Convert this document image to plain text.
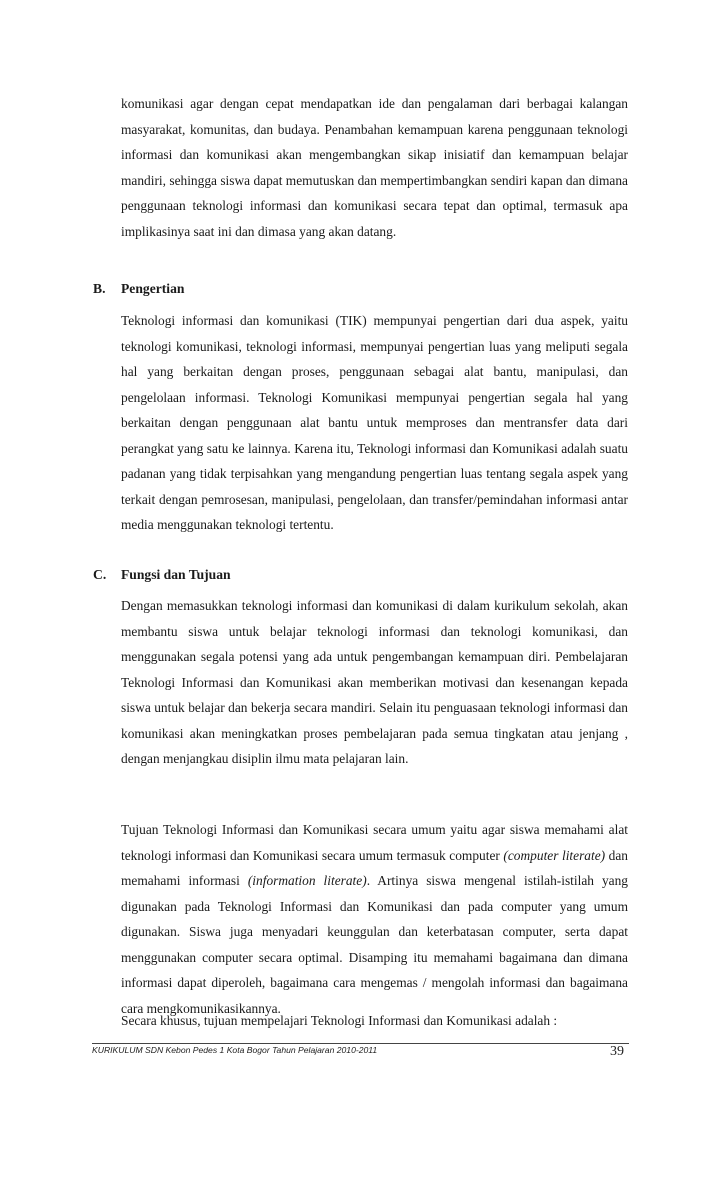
komunikasi agar dengan cepat mendapatkan ide dan pengalaman dari berbagai kalangan masyarakat, komunitas, dan budaya. Penambahan kemampuan karena penggunaan teknologi informasi dan komunikasi akan mengembangkan sikap inisiatif dan kemampuan belajar mandiri, sehingga siswa dapat memutuskan dan mempertimbangkan sendiri kapan dan dimana penggunaan teknologi informasi dan komunikasi secara tepat dan optimal, termasuk apa implikasinya saat ini dan dimasa yang akan datang.

B. Pengertian

Teknologi informasi dan komunikasi (TIK) mempunyai pengertian dari dua aspek, yaitu teknologi komunikasi, teknologi informasi, mempunyai pengertian luas yang meliputi segala hal yang berkaitan dengan proses, penggunaan sebagai alat bantu, manipulasi, dan pengelolaan informasi. Teknologi Komunikasi mempunyai pengertian segala hal yang berkaitan dengan penggunaan alat bantu untuk memproses dan mentransfer data dari perangkat yang satu ke lainnya. Karena itu, Teknologi informasi dan Komunikasi adalah suatu padanan yang tidak terpisahkan yang mengandung pengertian luas tentang segala aspek yang terkait dengan pemrosesan, manipulasi, pengelolaan, dan transfer/pemindahan informasi antar media menggunakan teknologi tertentu.

C. Fungsi dan Tujuan

Dengan memasukkan teknologi informasi dan komunikasi di dalam kurikulum sekolah, akan membantu siswa untuk belajar teknologi informasi dan teknologi komunikasi, dan menggunakan segala potensi yang ada untuk pengembangan kemampuan diri. Pembelajaran Teknologi Informasi dan Komunikasi akan memberikan motivasi dan kesenangan kepada siswa untuk belajar dan bekerja secara mandiri. Selain itu penguasaan teknologi informasi dan komunikasi akan meningkatkan proses pembelajaran pada semua tingkatan atau jenjang , dengan menjangkau disiplin ilmu mata pelajaran lain.

Tujuan Teknologi Informasi dan Komunikasi secara umum yaitu agar siswa memahami alat teknologi informasi dan Komunikasi secara umum termasuk computer (computer literate) dan memahami informasi (information literate). Artinya siswa mengenal istilah-istilah yang digunakan pada Teknologi Informasi dan Komunikasi dan pada computer yang umum digunakan. Siswa juga menyadari keunggulan dan keterbatasan computer, serta dapat menggunakan computer secara optimal. Disamping itu memahami bagaimana dan dimana informasi dapat diperoleh, bagaimana cara mengemas / mengolah informasi dan bagaimana cara mengkomunikasikannya.

Secara khusus, tujuan mempelajari Teknologi Informasi dan Komunikasi adalah :

KURIKULUM SDN Kebon Pedes 1 Kota Bogor Tahun Pelajaran 2010-2011	39
